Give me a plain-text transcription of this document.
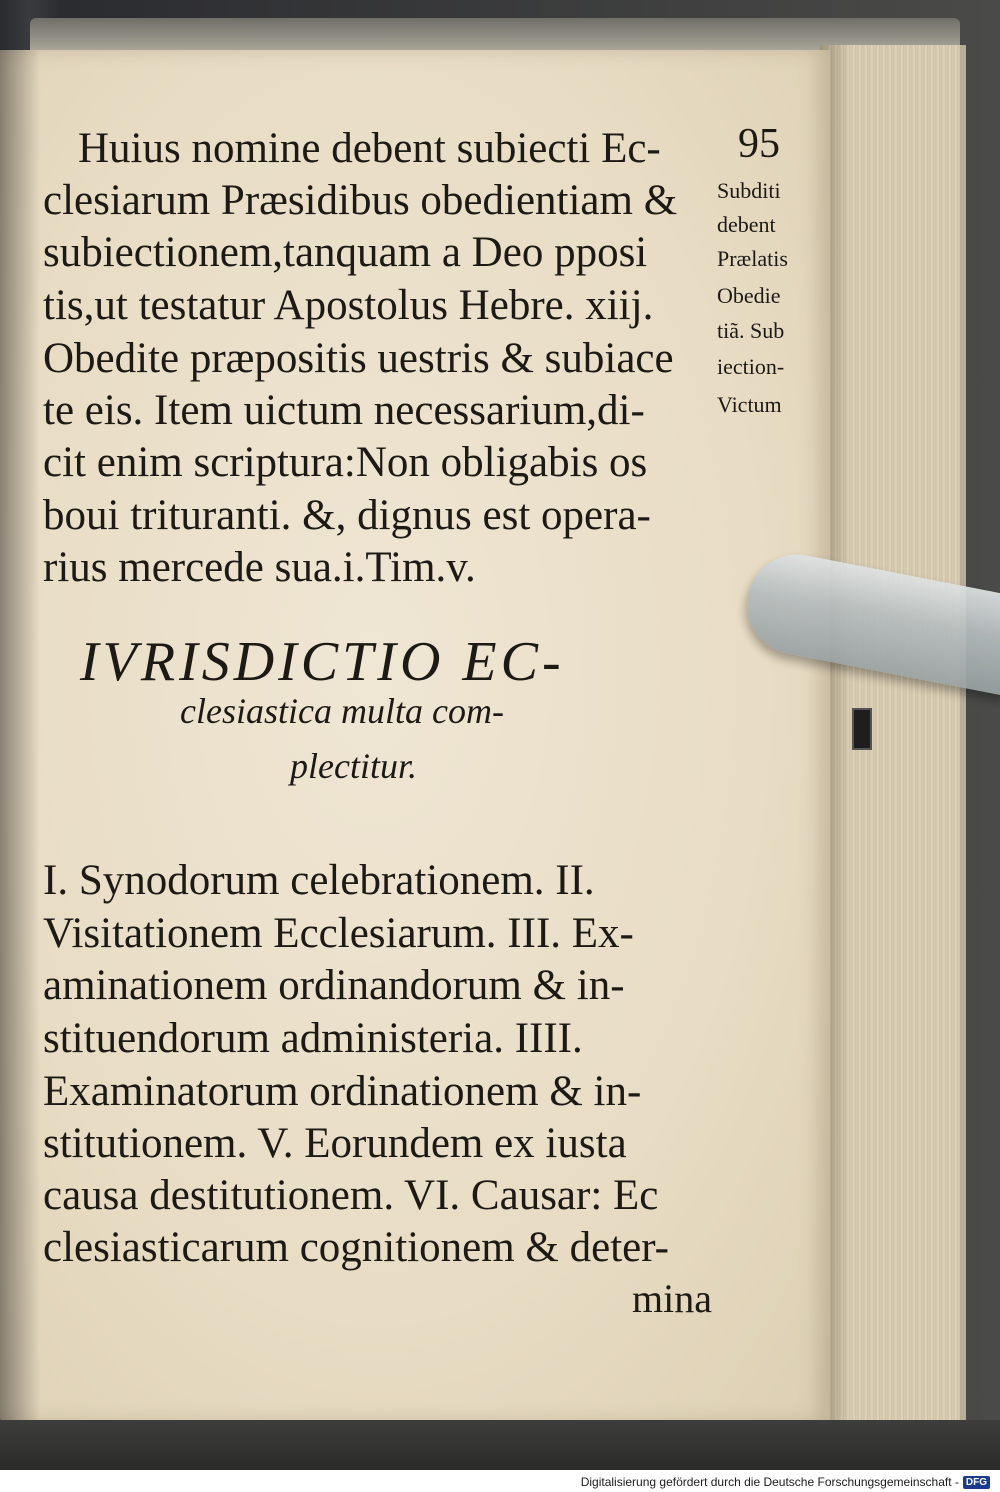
95
Huius nomine debent subiecti Ec-
clesiarum Præsidibus obedientiam &
subiectionem,tanquam a Deo pposi
tis,ut testatur Apostolus Hebre. xiij.
Obedite præpositis uestris & subiace
te eis. Item uictum necessarium,di-
cit enim scriptura:Non obligabis os
boui trituranti. &, dignus est opera-
rius mercede sua.i.Tim.v.
Subditi
debent
Prælatis
Obedie
tiã. Sub
iection-
Victum
IVRISDICTIO EC-
clesiastica multa com-
plectitur.
I. Synodorum celebrationem. II.
Visitationem Ecclesiarum. III. Ex-
aminationem ordinandorum & in-
stituendorum administeria. IIII.
Examinatorum ordinationem & in-
stitutionem. V. Eorundem ex iusta
causa destitutionem. VI. Causar: Ec
clesiasticarum cognitionem & deter-
mina
Digitalisierung gefördert durch die Deutsche Forschungsgemeinschaft - DFG
